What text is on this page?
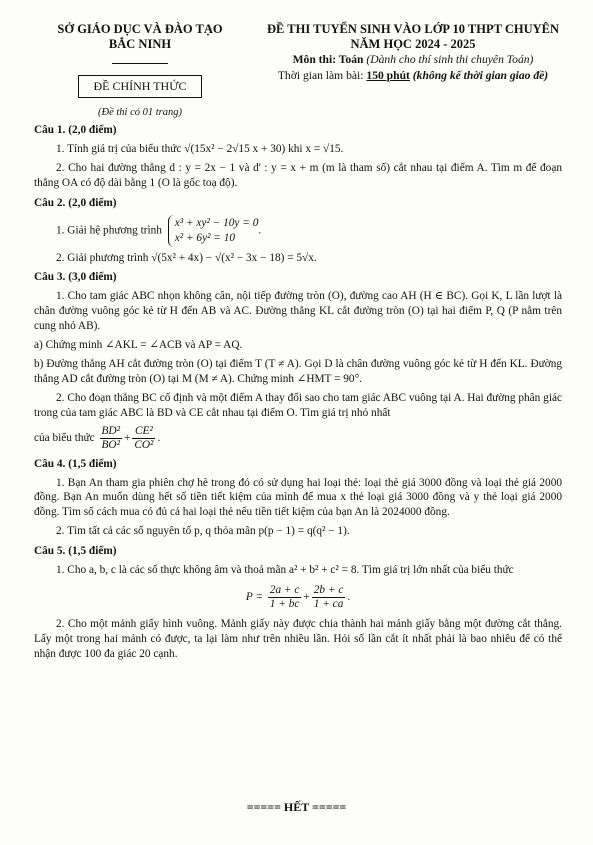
SỞ GIÁO DỤC VÀ ĐÀO TẠO
BẮC NINH

ĐỀ CHÍNH THỨC
(Đề thi có 01 trang)
ĐỀ THI TUYỂN SINH VÀO LỚP 10 THPT CHUYÊN
NĂM HỌC 2024 - 2025
Môn thi: Toán (Dành cho thí sinh thi chuyên Toán)
Thời gian làm bài: 150 phút (không kể thời gian giao đề)
Câu 1. (2,0 điểm)

1. Tính giá trị của biểu thức √(15x² − 2√15 x + 30) khi x = √15.

2. Cho hai đường thẳng d : y = 2x − 1 và d' : y = x + m (m là tham số) cắt nhau tại điểm A. Tìm m để đoạn thẳng OA có độ dài bằng 1 (O là gốc toạ độ).

Câu 2. (2,0 điểm)
1. Giải hệ phương trình
x³ + xy² − 10y = 0
x² + 6y² = 10
.

2. Giải phương trình √(5x² + 4x) − √(x² − 3x − 18) = 5√x.

Câu 3. (3,0 điểm)

1. Cho tam giác ABC nhọn không cân, nội tiếp đường tròn (O), đường cao AH (H ∈ BC). Gọi K, L lần lượt là chân đường vuông góc kẻ từ H đến AB và AC. Đường thẳng KL cắt đường tròn (O) tại hai điểm P, Q (P nằm trên cung nhỏ AB).

a) Chứng minh ∠AKL = ∠ACB và AP = AQ.

b) Đường thẳng AH cắt đường tròn (O) tại điểm T (T ≠ A). Gọi D là chân đường vuông góc kẻ từ H đến KL. Đường thẳng AD cắt đường tròn (O) tại M (M ≠ A). Chứng minh ∠HMT = 90°.

2. Cho đoạn thẳng BC cố định và một điểm A thay đổi sao cho tam giác ABC vuông tại A. Hai đường phân giác trong của tam giác ABC là BD và CE cắt nhau tại điểm O. Tìm giá trị nhỏ nhất

của biểu thức $\frac{\text{BD²}}{\text{BO²}} + \frac{\text{CE²}}{\text{CO²}}$ .

Câu 4. (1,5 điểm)

1. Bạn An tham gia phiên chợ hè trong đó có sử dụng hai loại thẻ: loại thẻ giá 3000 đồng và loại thẻ giá 2000 đồng. Bạn An muốn dùng hết số tiền tiết kiệm của mình để mua x thẻ loại giá 3000 đồng và y thẻ loại giá 2000 đồng. Tìm số cách mua có đủ cả hai loại thẻ nếu tiền tiết kiệm của bạn An là 2024000 đồng.

2. Tìm tất cả các số nguyên tố p, q thỏa mãn p(p − 1) = q(q² − 1).

Câu 5. (1,5 điểm)

1. Cho a, b, c là các số thực không âm và thoả mãn a² + b² + c² = 8. Tìm giá trị lớn nhất của biểu thức

$P = \frac{2a + c}{1 + bc} + \frac{2b + c}{1 + ca}$ .

2. Cho một mảnh giấy hình vuông. Mảnh giấy này được chia thành hai mảnh giấy bằng một đường cắt thẳng. Lấy một trong hai mảnh có được, ta lại làm như trên nhiều lần. Hỏi số lần cắt ít nhất phải là bao nhiêu để có thể nhận được 100 đa giác 20 cạnh.

===== HẾT =====
